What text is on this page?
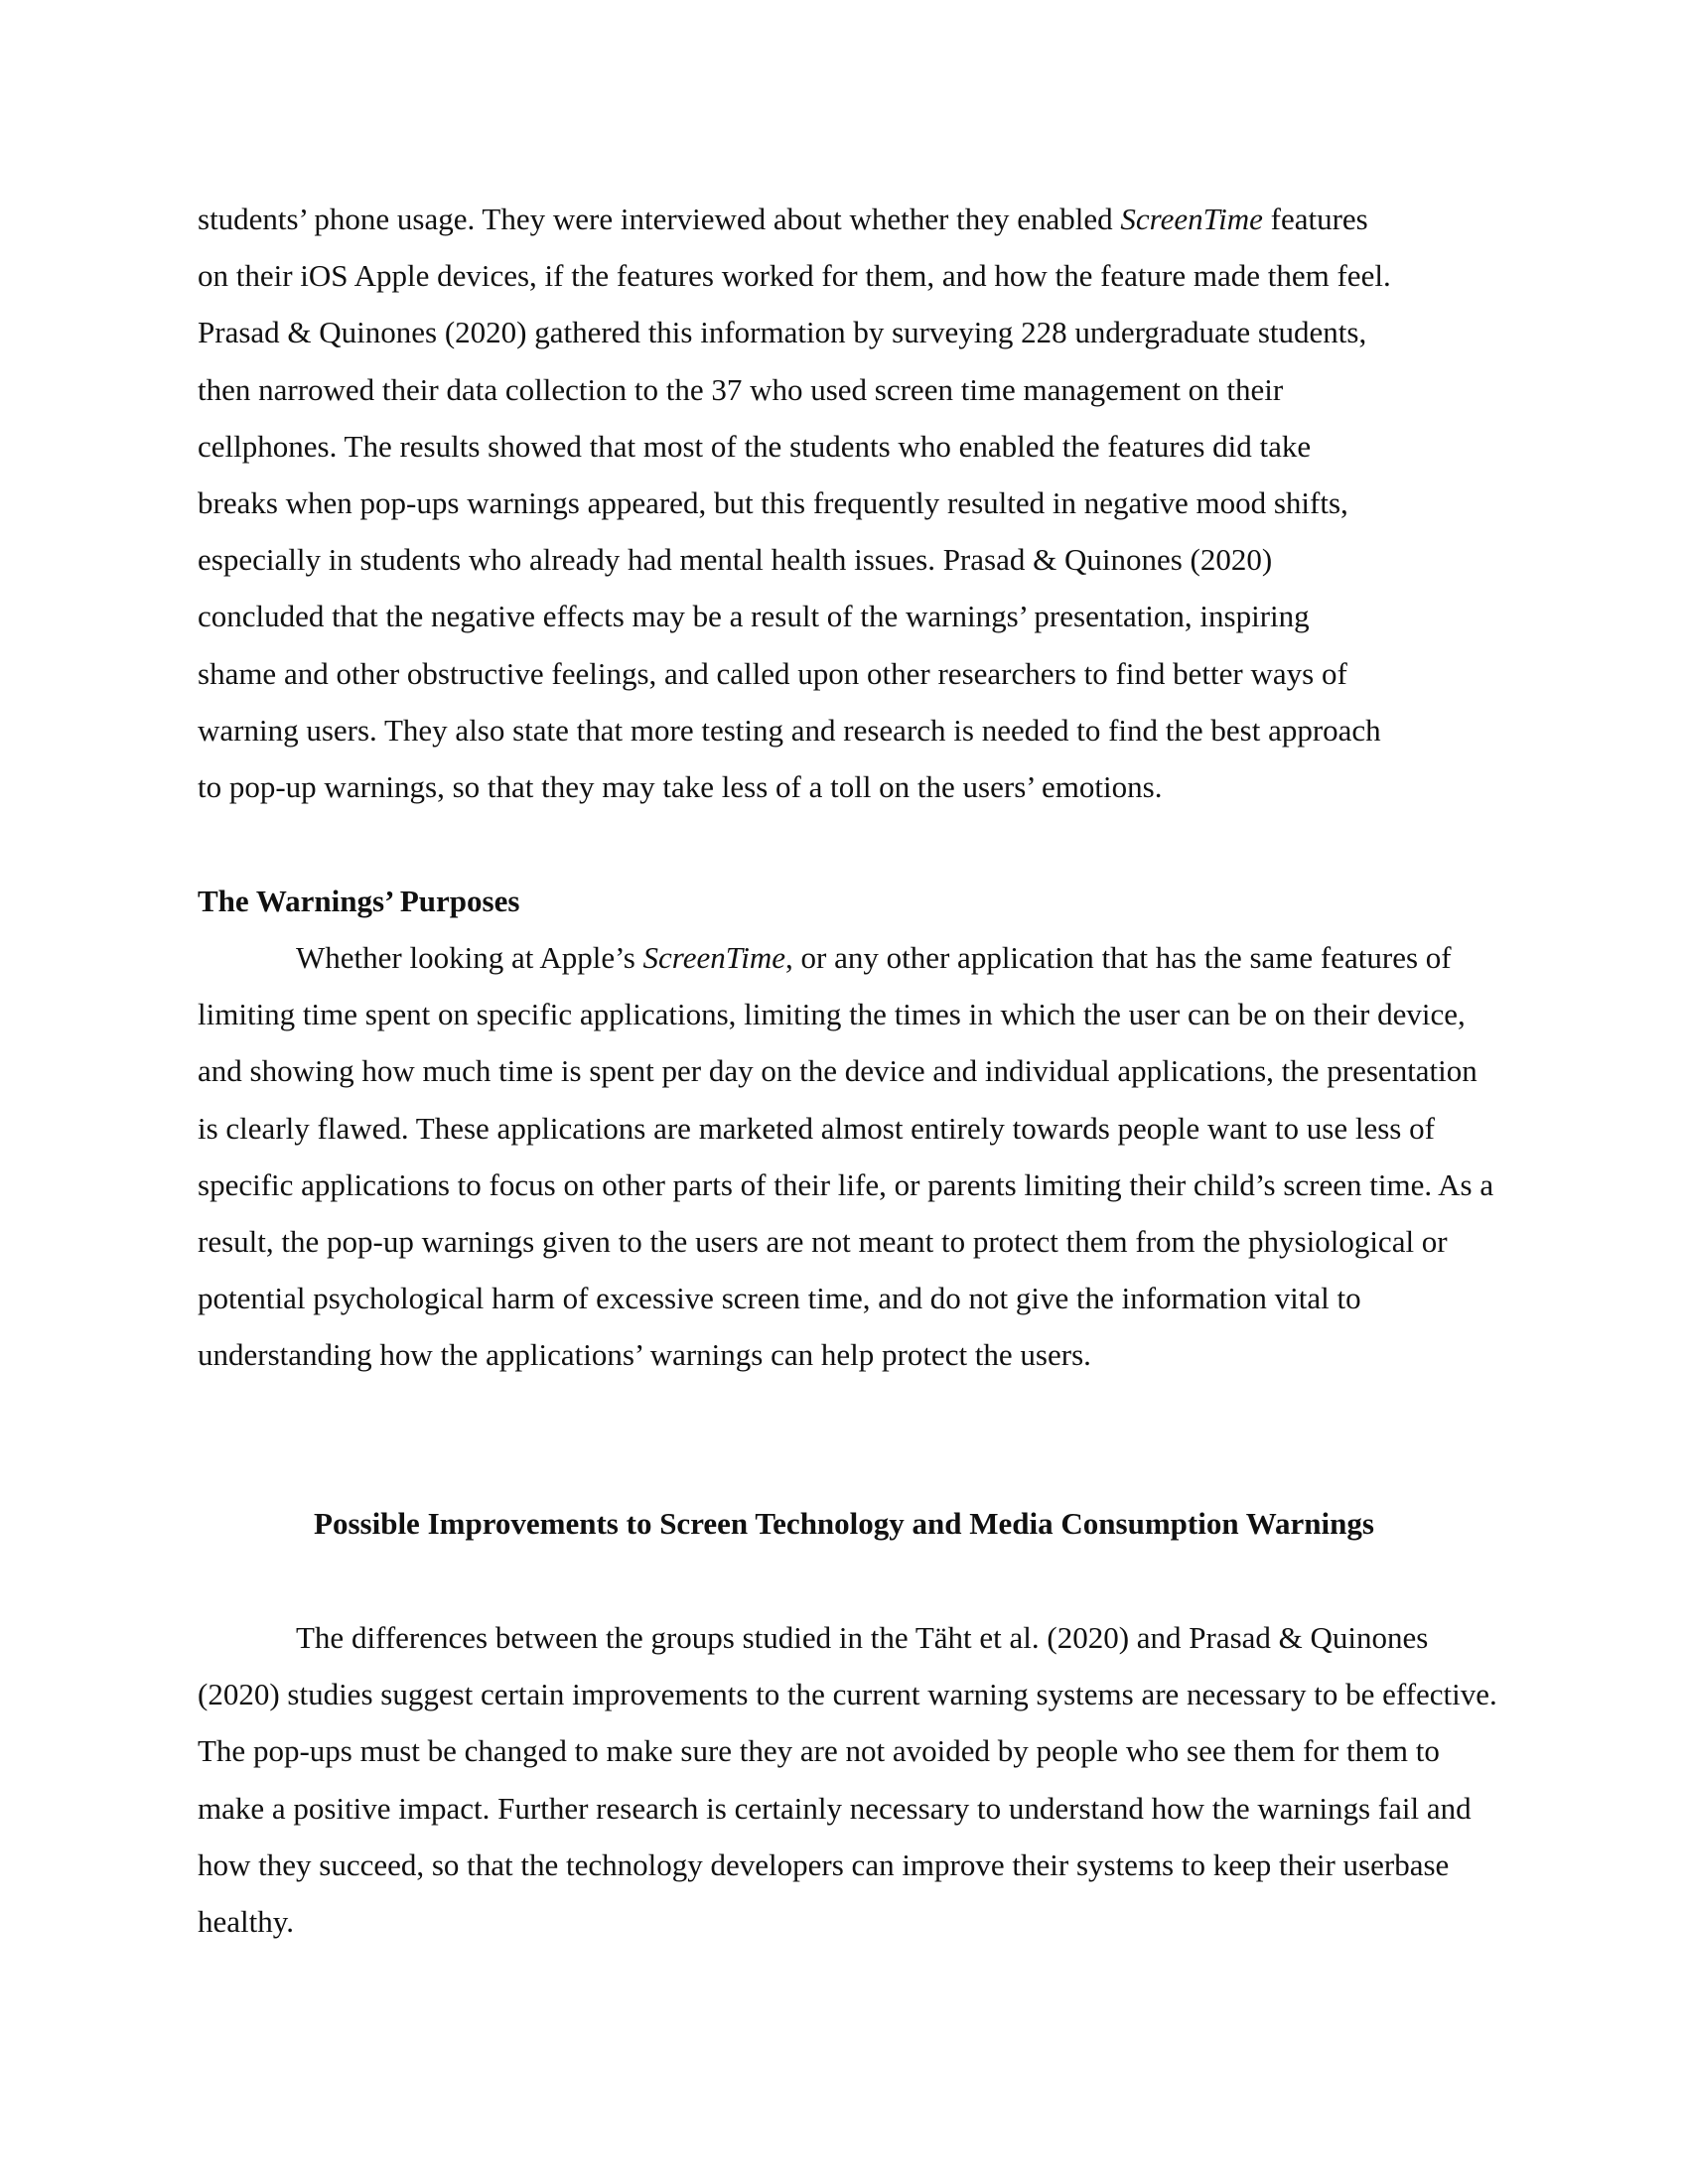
students’ phone usage. They were interviewed about whether they enabled ScreenTime features
on their iOS Apple devices, if the features worked for them, and how the feature made them feel.
Prasad & Quinones (2020) gathered this information by surveying 228 undergraduate students,
then narrowed their data collection to the 37 who used screen time management on their
cellphones. The results showed that most of the students who enabled the features did take
breaks when pop-ups warnings appeared, but this frequently resulted in negative mood shifts,
especially in students who already had mental health issues. Prasad & Quinones (2020)
concluded that the negative effects may be a result of the warnings’ presentation, inspiring
shame and other obstructive feelings, and called upon other researchers to find better ways of
warning users. They also state that more testing and research is needed to find the best approach
to pop-up warnings, so that they may take less of a toll on the users’ emotions.

The Warnings’ Purposes

Whether looking at Apple’s ScreenTime, or any other application that has the same features of limiting time spent on specific applications, limiting the times in which the user can be on their device, and showing how much time is spent per day on the device and individual applications, the presentation is clearly flawed. These applications are marketed almost entirely towards people want to use less of specific applications to focus on other parts of their life, or parents limiting their child’s screen time. As a result, the pop-up warnings given to the users are not meant to protect them from the physiological or potential psychological harm of excessive screen time, and do not give the information vital to understanding how the applications’ warnings can help protect the users.

Possible Improvements to Screen Technology and Media Consumption Warnings

The differences between the groups studied in the Täht et al. (2020) and Prasad & Quinones (2020) studies suggest certain improvements to the current warning systems are necessary to be effective. The pop-ups must be changed to make sure they are not avoided by people who see them for them to make a positive impact. Further research is certainly necessary to understand how the warnings fail and how they succeed, so that the technology developers can improve their systems to keep their userbase healthy.
